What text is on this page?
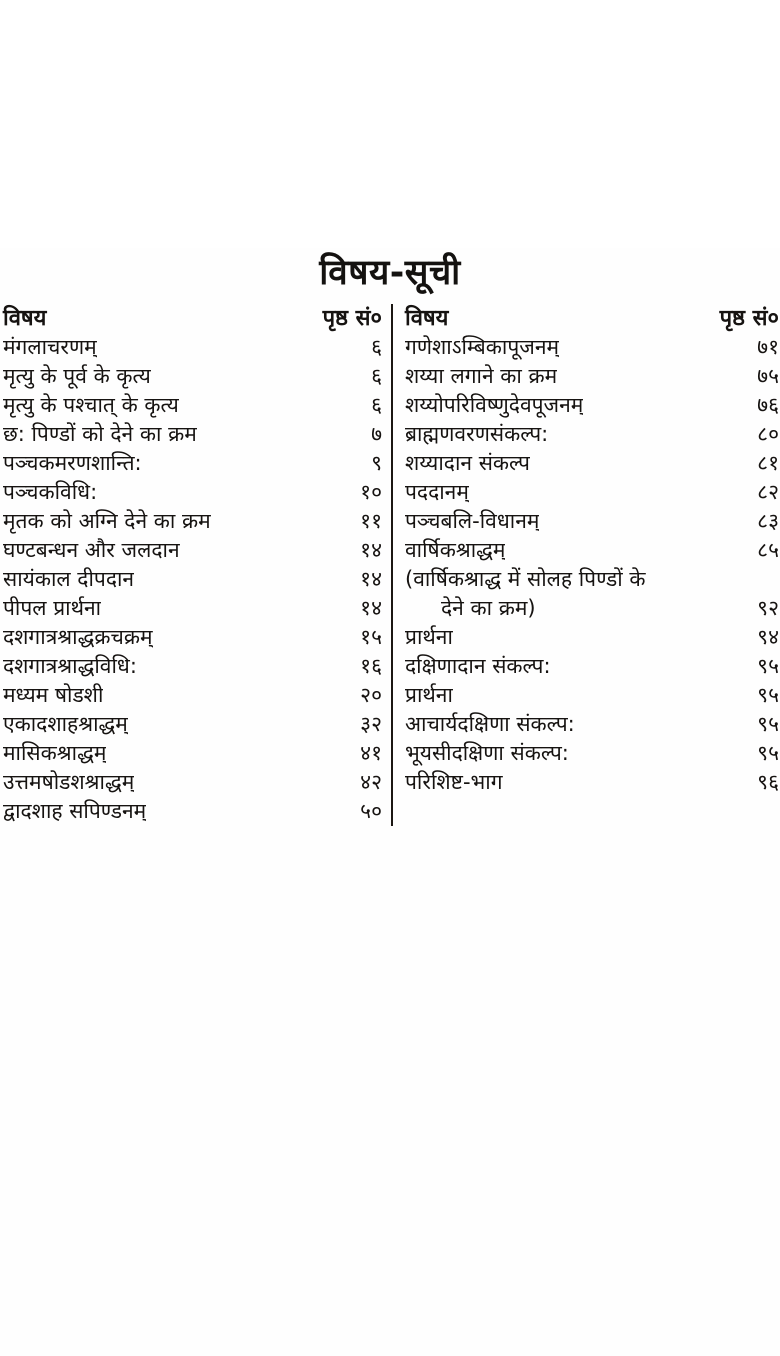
विषय-सूची
विषय	पृष्ठ सं०
मंगलाचरणम्	६
मृत्यु के पूर्व के कृत्य	६
मृत्यु के पश्चात् के कृत्य	६
छ: पिण्डों को देने का क्रम	७
पञ्चकमरणशान्ति:	९
पञ्चकविधि:	१०
मृतक को अग्नि देने का क्रम	११
घण्टबन्धन और जलदान	१४
सायंकाल दीपदान	१४
पीपल प्रार्थना	१४
दशगात्रश्राद्धक्रचक्रम्	१५
दशगात्रश्राद्धविधि:	१६
मध्यम षोडशी	२०
एकादशाहश्राद्धम्	३२
मासिकश्राद्धम्	४१
उत्तमषोडशश्राद्धम्	४२
द्वादशाह सपिण्डनम्	५०
विषय	पृष्ठ सं०
गणेशाऽम्बिकापूजनम्	७१
शय्या लगाने का क्रम	७५
शय्योपरिविष्णुदेवपूजनम्	७६
ब्राह्मणवरणसंकल्प:	८०
शय्यादान संकल्प	८१
पददानम्	८२
पञ्चबलि-विधानम्	८३
वार्षिकश्राद्धम्	८५
(वार्षिकश्राद्ध में सोलह पिण्डों के
देने का क्रम)	९२
प्रार्थना	९४
दक्षिणादान संकल्प:	९५
प्रार्थना	९५
आचार्यदक्षिणा संकल्प:	९५
भूयसीदक्षिणा संकल्प:	९५
परिशिष्ट-भाग	९६
